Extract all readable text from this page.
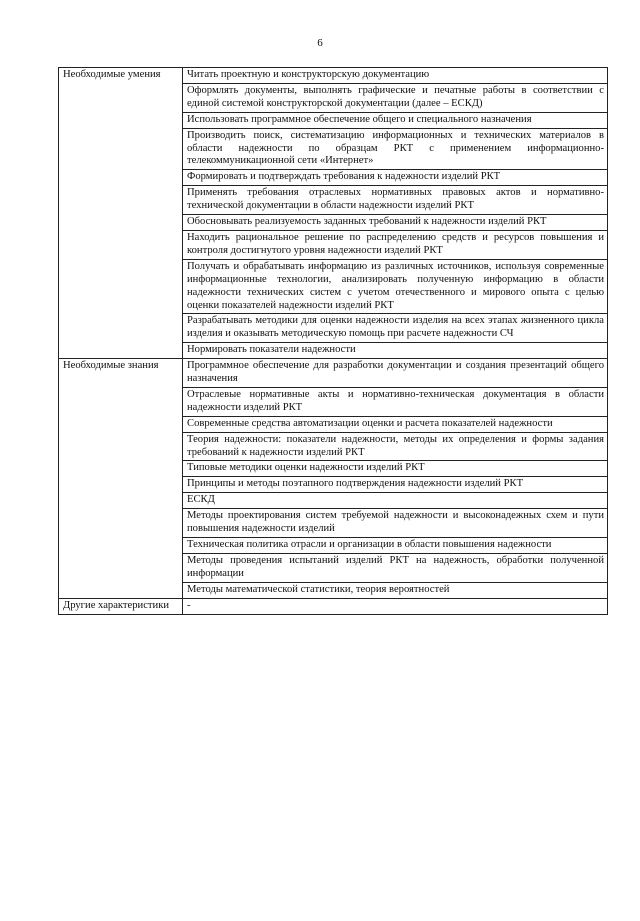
6
Необходимые умения	Читать проектную и конструкторскую документацию

	Оформлять документы, выполнять графические и печатные работы в соответствии с единой системой конструкторской документации (далее – ЕСКД)

	Использовать программное обеспечение общего и специального назначения

	Производить поиск, систематизацию информационных и технических материалов в области надежности по образцам РКТ с применением информационно-телекоммуникационной сети «Интернет»

	Формировать и подтверждать требования к надежности изделий РКТ

	Применять требования отраслевых нормативных правовых актов и нормативно-технической документации в области надежности изделий РКТ

	Обосновывать реализуемость заданных требований к надежности изделий РКТ

	Находить рациональное решение по распределению средств и ресурсов повышения и контроля достигнутого уровня надежности изделий РКТ

	Получать и обрабатывать информацию из различных источников, используя современные информационные технологии, анализировать полученную информацию в области надежности технических систем с учетом отечественного и мирового опыта с целью оценки показателей надежности изделий РКТ

	Разрабатывать методики для оценки надежности изделия на всех этапах жизненного цикла изделия и оказывать методическую помощь при расчете надежности СЧ

	Нормировать показатели надежности

Необходимые знания	Программное обеспечение для разработки документации и создания презентаций общего назначения

	Отраслевые нормативные акты и нормативно-техническая документация в области надежности изделий РКТ

	Современные средства автоматизации оценки и расчета показателей надежности

	Теория надежности: показатели надежности, методы их определения и формы задания требований к надежности изделий РКТ

	Типовые методики оценки надежности изделий РКТ

	Принципы и методы поэтапного подтверждения надежности изделий РКТ

	ЕСКД

	Методы проектирования систем требуемой надежности и высоконадежных схем и пути повышения надежности изделий

	Техническая политика отрасли и организации в области повышения надежности

	Методы проведения испытаний изделий РКТ на надежность, обработки полученной информации

	Методы математической статистики, теория вероятностей

Другие характеристики	-
